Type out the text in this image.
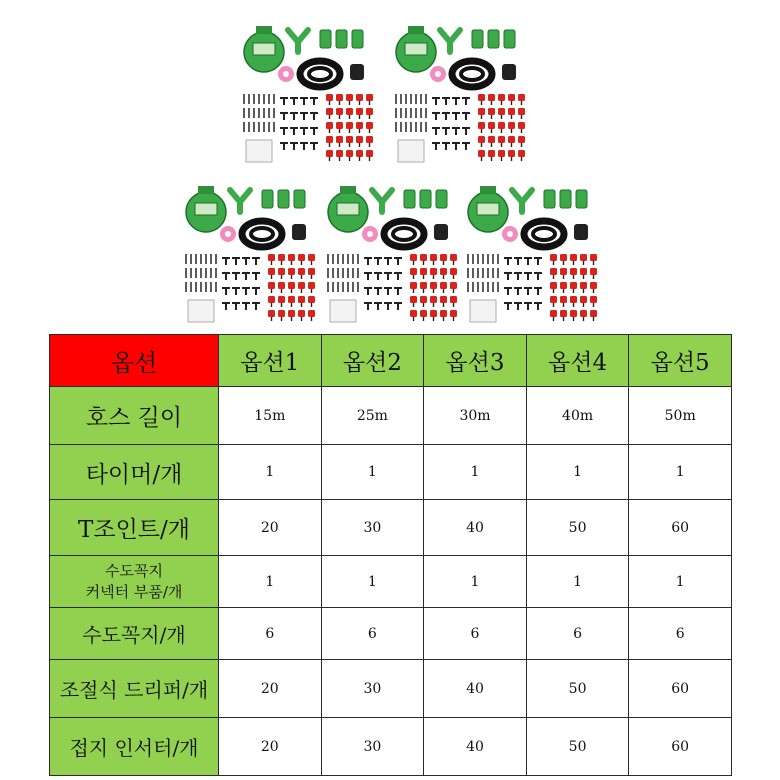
옵션	옵션1	옵션2	옵션3	옵션4	옵션5
호스 길이	15m	25m	30m	40m	50m
타이머/개	1	1	1	1	1
T조인트/개	20	30	40	50	60

수도꼭지
커넥터 부품/개	1	1	1	1	1
수도꼭지/개	6	6	6	6	6
조절식 드리퍼/개	20	30	40	50	60
접지 인서터/개	20	30	40	50	60
